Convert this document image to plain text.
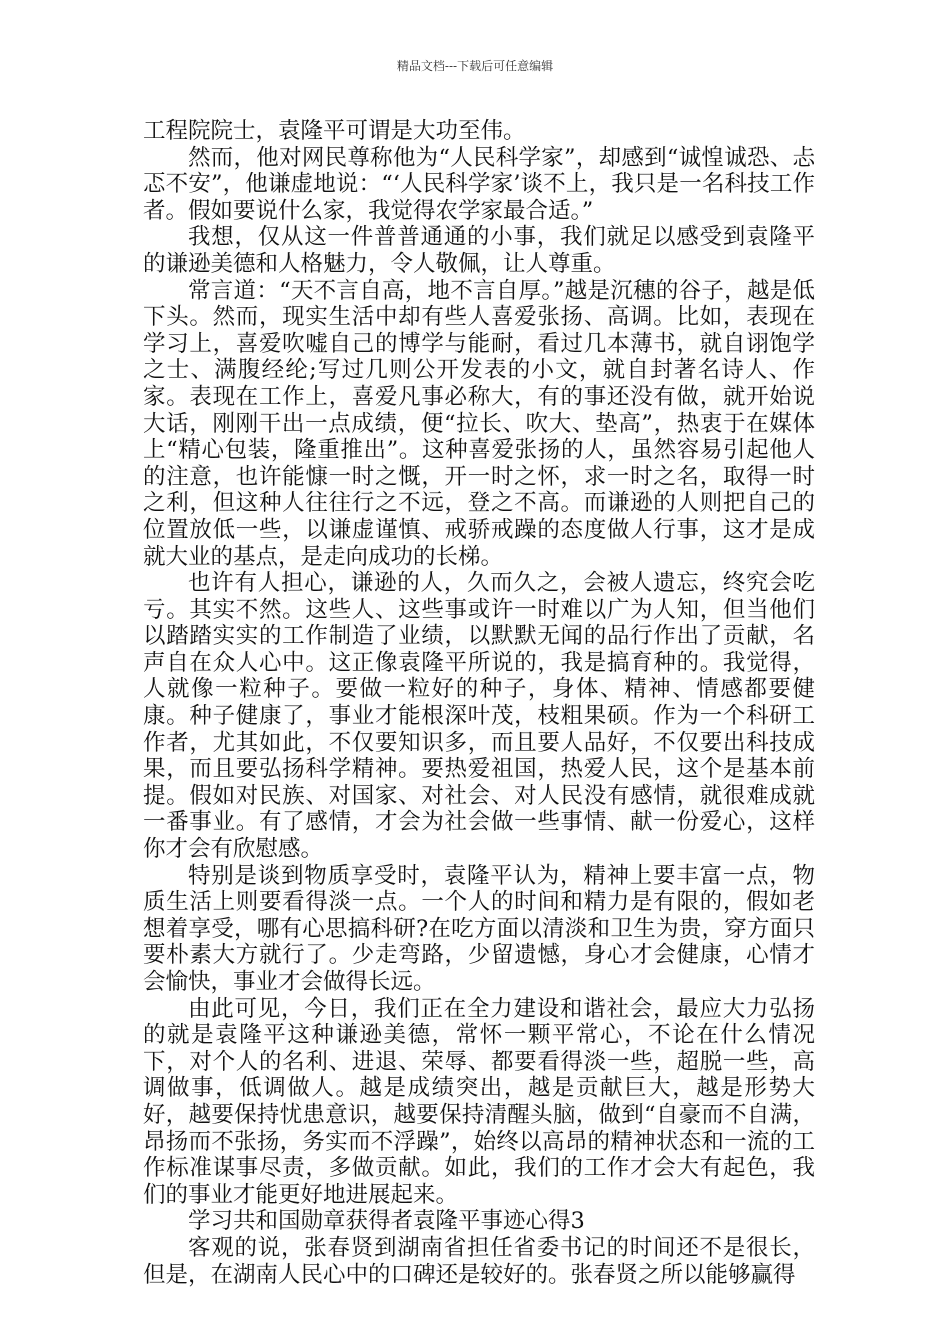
精品文档---下载后可任意编辑

工程院院士，袁隆平可谓是大功至伟。

然而，他对网民尊称他为“人民科学家”，却感到“诚惶诚恐、忐忑不安”，他谦虚地说：“‘人民科学家’谈不上，我只是一名科技工作者。假如要说什么家，我觉得农学家最合适。”

我想，仅从这一件普普通通的小事，我们就足以感受到袁隆平的谦逊美德和人格魅力，令人敬佩，让人尊重。

常言道：“天不言自高，地不言自厚。”越是沉穗的谷子，越是低下头。然而，现实生活中却有些人喜爱张扬、高调。比如，表现在学习上，喜爱吹嘘自己的博学与能耐，看过几本薄书，就自诩饱学之士、满腹经纶;写过几则公开发表的小文，就自封著名诗人、作家。表现在工作上，喜爱凡事必称大，有的事还没有做，就开始说大话，刚刚干出一点成绩，便“拉长、吹大、垫高”，热衷于在媒体上“精心包装，隆重推出”。这种喜爱张扬的人，虽然容易引起他人的注意，也许能慷一时之慨，开一时之怀，求一时之名，取得一时之利，但这种人往往行之不远，登之不高。而谦逊的人则把自己的位置放低一些，以谦虚谨慎、戒骄戒躁的态度做人行事，这才是成就大业的基点，是走向成功的长梯。

也许有人担心，谦逊的人，久而久之，会被人遗忘，终究会吃亏。其实不然。这些人、这些事或许一时难以广为人知，但当他们以踏踏实实的工作制造了业绩，以默默无闻的品行作出了贡献，名声自在众人心中。这正像袁隆平所说的，我是搞育种的。我觉得，人就像一粒种子。要做一粒好的种子，身体、精神、情感都要健康。种子健康了，事业才能根深叶茂，枝粗果硕。作为一个科研工作者，尤其如此，不仅要知识多，而且要人品好，不仅要出科技成果，而且要弘扬科学精神。要热爱祖国，热爱人民，这个是基本前提。假如对民族、对国家、对社会、对人民没有感情，就很难成就一番事业。有了感情，才会为社会做一些事情、献一份爱心，这样你才会有欣慰感。

特别是谈到物质享受时，袁隆平认为，精神上要丰富一点，物质生活上则要看得淡一点。一个人的时间和精力是有限的，假如老想着享受，哪有心思搞科研?在吃方面以清淡和卫生为贵，穿方面只要朴素大方就行了。少走弯路，少留遗憾，身心才会健康，心情才会愉快，事业才会做得长远。

由此可见，今日，我们正在全力建设和谐社会，最应大力弘扬的就是袁隆平这种谦逊美德，常怀一颗平常心，不论在什么情况下，对个人的名利、进退、荣辱、都要看得淡一些，超脱一些，高调做事，低调做人。越是成绩突出，越是贡献巨大，越是形势大好，越要保持忧患意识，越要保持清醒头脑，做到“自豪而不自满，昂扬而不张扬，务实而不浮躁”，始终以高昂的精神状态和一流的工作标准谋事尽责，多做贡献。如此，我们的工作才会大有起色，我们的事业才能更好地进展起来。

学习共和国勋章获得者袁隆平事迹心得3

客观的说，张春贤到湖南省担任省委书记的时间还不是很长，但是，在湖南人民心中的口碑还是较好的。张春贤之所以能够赢得
